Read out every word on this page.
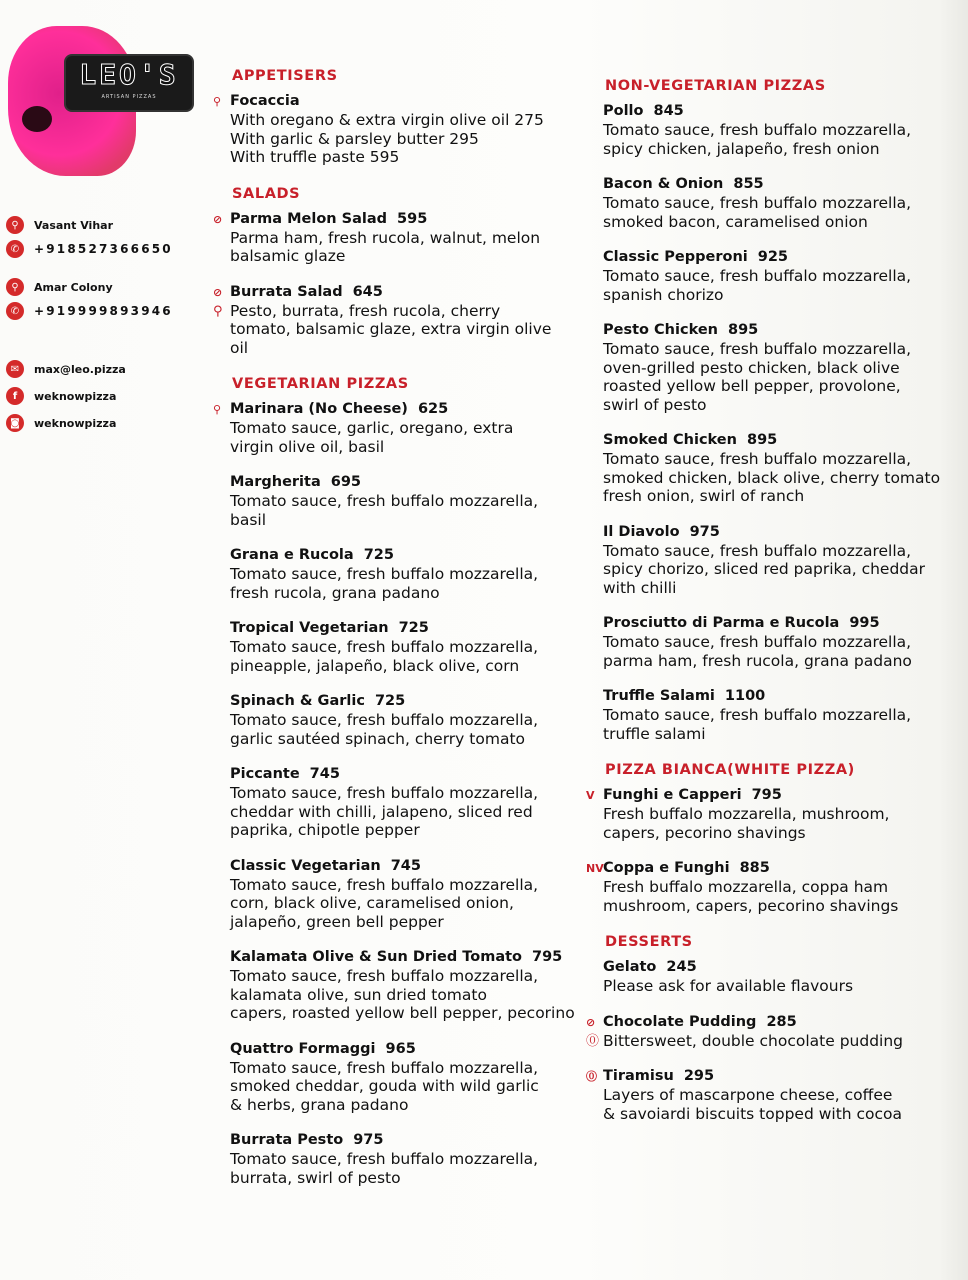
LEO'S
ARTISAN PIZZAS
⚲	Vasant Vihar
✆	+918527366650
⚲	Amar Colony
✆	+919999893946
✉	max@leo.pizza
f	weknowpizza
◙	weknowpizza
APPETISERS
⚲ Focaccia
With oregano & extra virgin olive oil 275
With garlic & parsley butter 295
With truffle paste 595
SALADS
⊘ Parma Melon Salad 595
Parma ham, fresh rucola, walnut, melon
balsamic glaze
⊘
⚲
Burrata Salad 645
Pesto, burrata, fresh rucola, cherry
tomato, balsamic glaze, extra virgin olive
oil
VEGETARIAN PIZZAS
⚲ Marinara (No Cheese) 625
Tomato sauce, garlic, oregano, extra
virgin olive oil, basil
Margherita 695
Tomato sauce, fresh buffalo mozzarella,
basil
Grana e Rucola 725
Tomato sauce, fresh buffalo mozzarella,
fresh rucola, grana padano
Tropical Vegetarian 725
Tomato sauce, fresh buffalo mozzarella,
pineapple, jalapeño, black olive, corn
Spinach & Garlic 725
Tomato sauce, fresh buffalo mozzarella,
garlic sautéed spinach, cherry tomato
Piccante 745
Tomato sauce, fresh buffalo mozzarella,
cheddar with chilli, jalapeno, sliced red
paprika, chipotle pepper
Classic Vegetarian 745
Tomato sauce, fresh buffalo mozzarella,
corn, black olive, caramelised onion,
jalapeño, green bell pepper
Kalamata Olive & Sun Dried Tomato 795
Tomato sauce, fresh buffalo mozzarella,
kalamata olive, sun dried tomato
capers, roasted yellow bell pepper, pecorino
Quattro Formaggi 965
Tomato sauce, fresh buffalo mozzarella,
smoked cheddar, gouda with wild garlic
& herbs, grana padano
Burrata Pesto 975
Tomato sauce, fresh buffalo mozzarella,
burrata, swirl of pesto
NON-VEGETARIAN PIZZAS
Pollo 845
Tomato sauce, fresh buffalo mozzarella,
spicy chicken, jalapeño, fresh onion
Bacon & Onion 855
Tomato sauce, fresh buffalo mozzarella,
smoked bacon, caramelised onion
Classic Pepperoni 925
Tomato sauce, fresh buffalo mozzarella,
spanish chorizo
Pesto Chicken 895
Tomato sauce, fresh buffalo mozzarella,
oven-grilled pesto chicken, black olive
roasted yellow bell pepper, provolone,
swirl of pesto
Smoked Chicken 895
Tomato sauce, fresh buffalo mozzarella,
smoked chicken, black olive, cherry tomato
fresh onion, swirl of ranch
Il Diavolo 975
Tomato sauce, fresh buffalo mozzarella,
spicy chorizo, sliced red paprika, cheddar
with chilli
Prosciutto di Parma e Rucola 995
Tomato sauce, fresh buffalo mozzarella,
parma ham, fresh rucola, grana padano
Truffle Salami 1100
Tomato sauce, fresh buffalo mozzarella,
truffle salami
PIZZA BIANCA(WHITE PIZZA)
V Funghi e Capperi 795
Fresh buffalo mozzarella, mushroom,
capers, pecorino shavings
NV Coppa e Funghi 885
Fresh buffalo mozzarella, coppa ham
mushroom, capers, pecorino shavings
DESSERTS
Gelato 245
Please ask for available flavours
⊘
⓪
Chocolate Pudding 285
Bittersweet, double chocolate pudding
⓪ Tiramisu 295
Layers of mascarpone cheese, coffee
& savoiardi biscuits topped with cocoa
